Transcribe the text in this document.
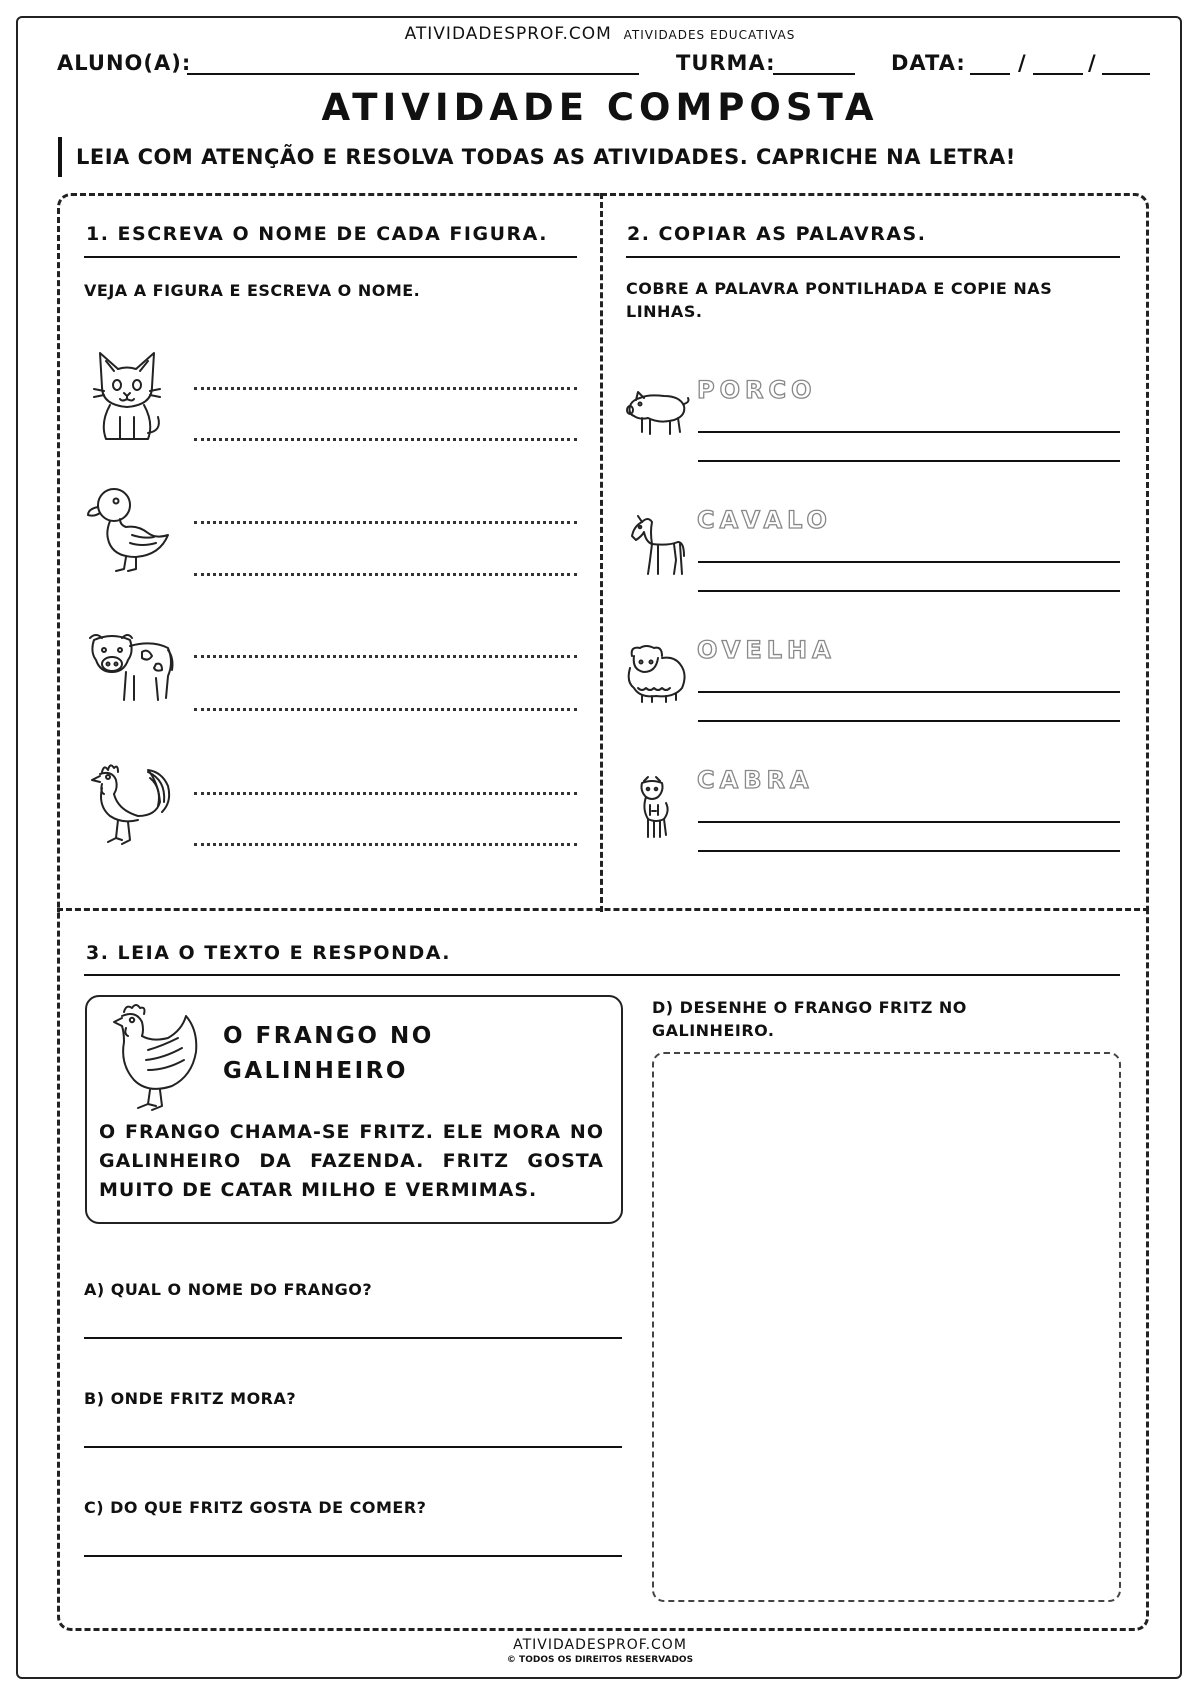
ATIVIDADESPROF.COM ATIVIDADES EDUCATIVAS
ALUNO(A):	TURMA:	DATA: /	/
ATIVIDADE COMPOSTA
LEIA COM ATENÇÃO E RESOLVA TODAS AS ATIVIDADES. CAPRICHE NA LETRA!
1. ESCREVA O NOME DE CADA FIGURA.
VEJA A FIGURA E ESCREVA O NOME.
2. COPIAR AS PALAVRAS.
COBRE A PALAVRA PONTILHADA E COPIE NAS LINHAS.
PORCO
CAVALO
OVELHA
CABRA
3. LEIA O TEXTO E RESPONDA.
O FRANGO NO
GALINHEIRO
O FRANGO CHAMA-SE FRITZ. ELE MORA NO GALINHEIRO DA FAZENDA. FRITZ GOSTA MUITO DE CATAR MILHO E VERMIMAS.
A) QUAL O NOME DO FRANGO?
B) ONDE FRITZ MORA?
C) DO QUE FRITZ GOSTA DE COMER?
D) DESENHE O FRANGO FRITZ NO GALINHEIRO.
ATIVIDADESPROF.COM
© TODOS OS DIREITOS RESERVADOS
